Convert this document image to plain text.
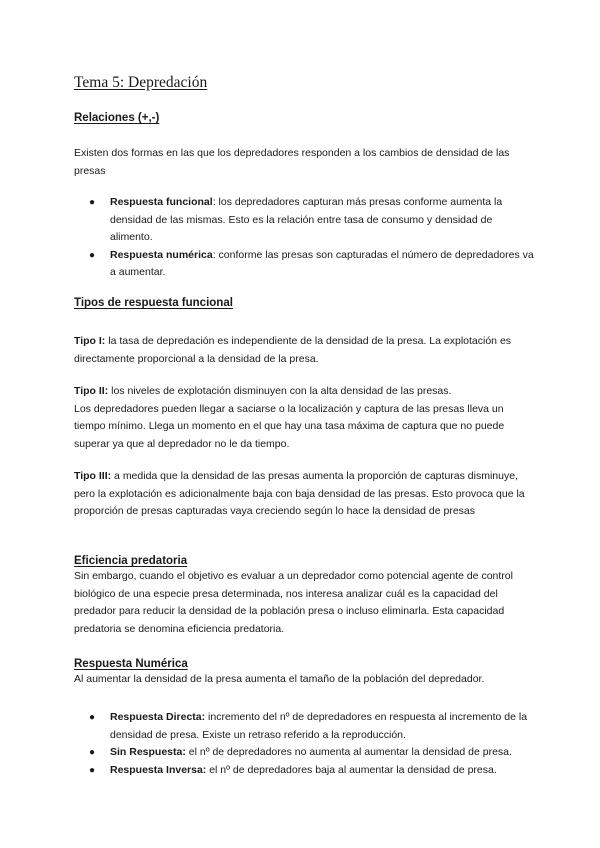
Tema 5: Depredación
Relaciones (+,-)

Existen dos formas en las que los depredadores responden a los cambios de densidad de las presas

● Respuesta funcional: los depredadores capturan más presas conforme aumenta la densidad de las mismas. Esto es la relación entre tasa de consumo y densidad de alimento.
● Respuesta numérica: conforme las presas son capturadas el número de depredadores va a aumentar.
Tipos de respuesta funcional

Tipo I: la tasa de depredación es independiente de la densidad de la presa. La explotación es directamente proporcional a la densidad de la presa.

Tipo II: los niveles de explotación disminuyen con la alta densidad de las presas.

Los depredadores pueden llegar a saciarse o la localización y captura de las presas lleva un tiempo mínimo. Llega un momento en el que hay una tasa máxima de captura que no puede superar ya que al depredador no le da tiempo.

Tipo III: a medida que la densidad de las presas aumenta la proporción de capturas disminuye, pero la explotación es adicionalmente baja con baja densidad de las presas. Esto provoca que la proporción de presas capturadas vaya creciendo según lo hace la densidad de presas

Eficiencia predatoria

Sin embargo, cuando el objetivo es evaluar a un depredador como potencial agente de control biológico de una especie presa determinada, nos interesa analizar cuál es la capacidad del predador para reducir la densidad de la población presa o incluso eliminarla. Esta capacidad predatoria se denomina eficiencia predatoria.

Respuesta Numérica

Al aumentar la densidad de la presa aumenta el tamaño de la población del depredador.

● Respuesta Directa: incremento del nº de depredadores en respuesta al incremento de la densidad de presa. Existe un retraso referido a la reproducción.
● Sin Respuesta: el nº de depredadores no aumenta al aumentar la densidad de presa.
● Respuesta Inversa: el nº de depredadores baja al aumentar la densidad de presa.
